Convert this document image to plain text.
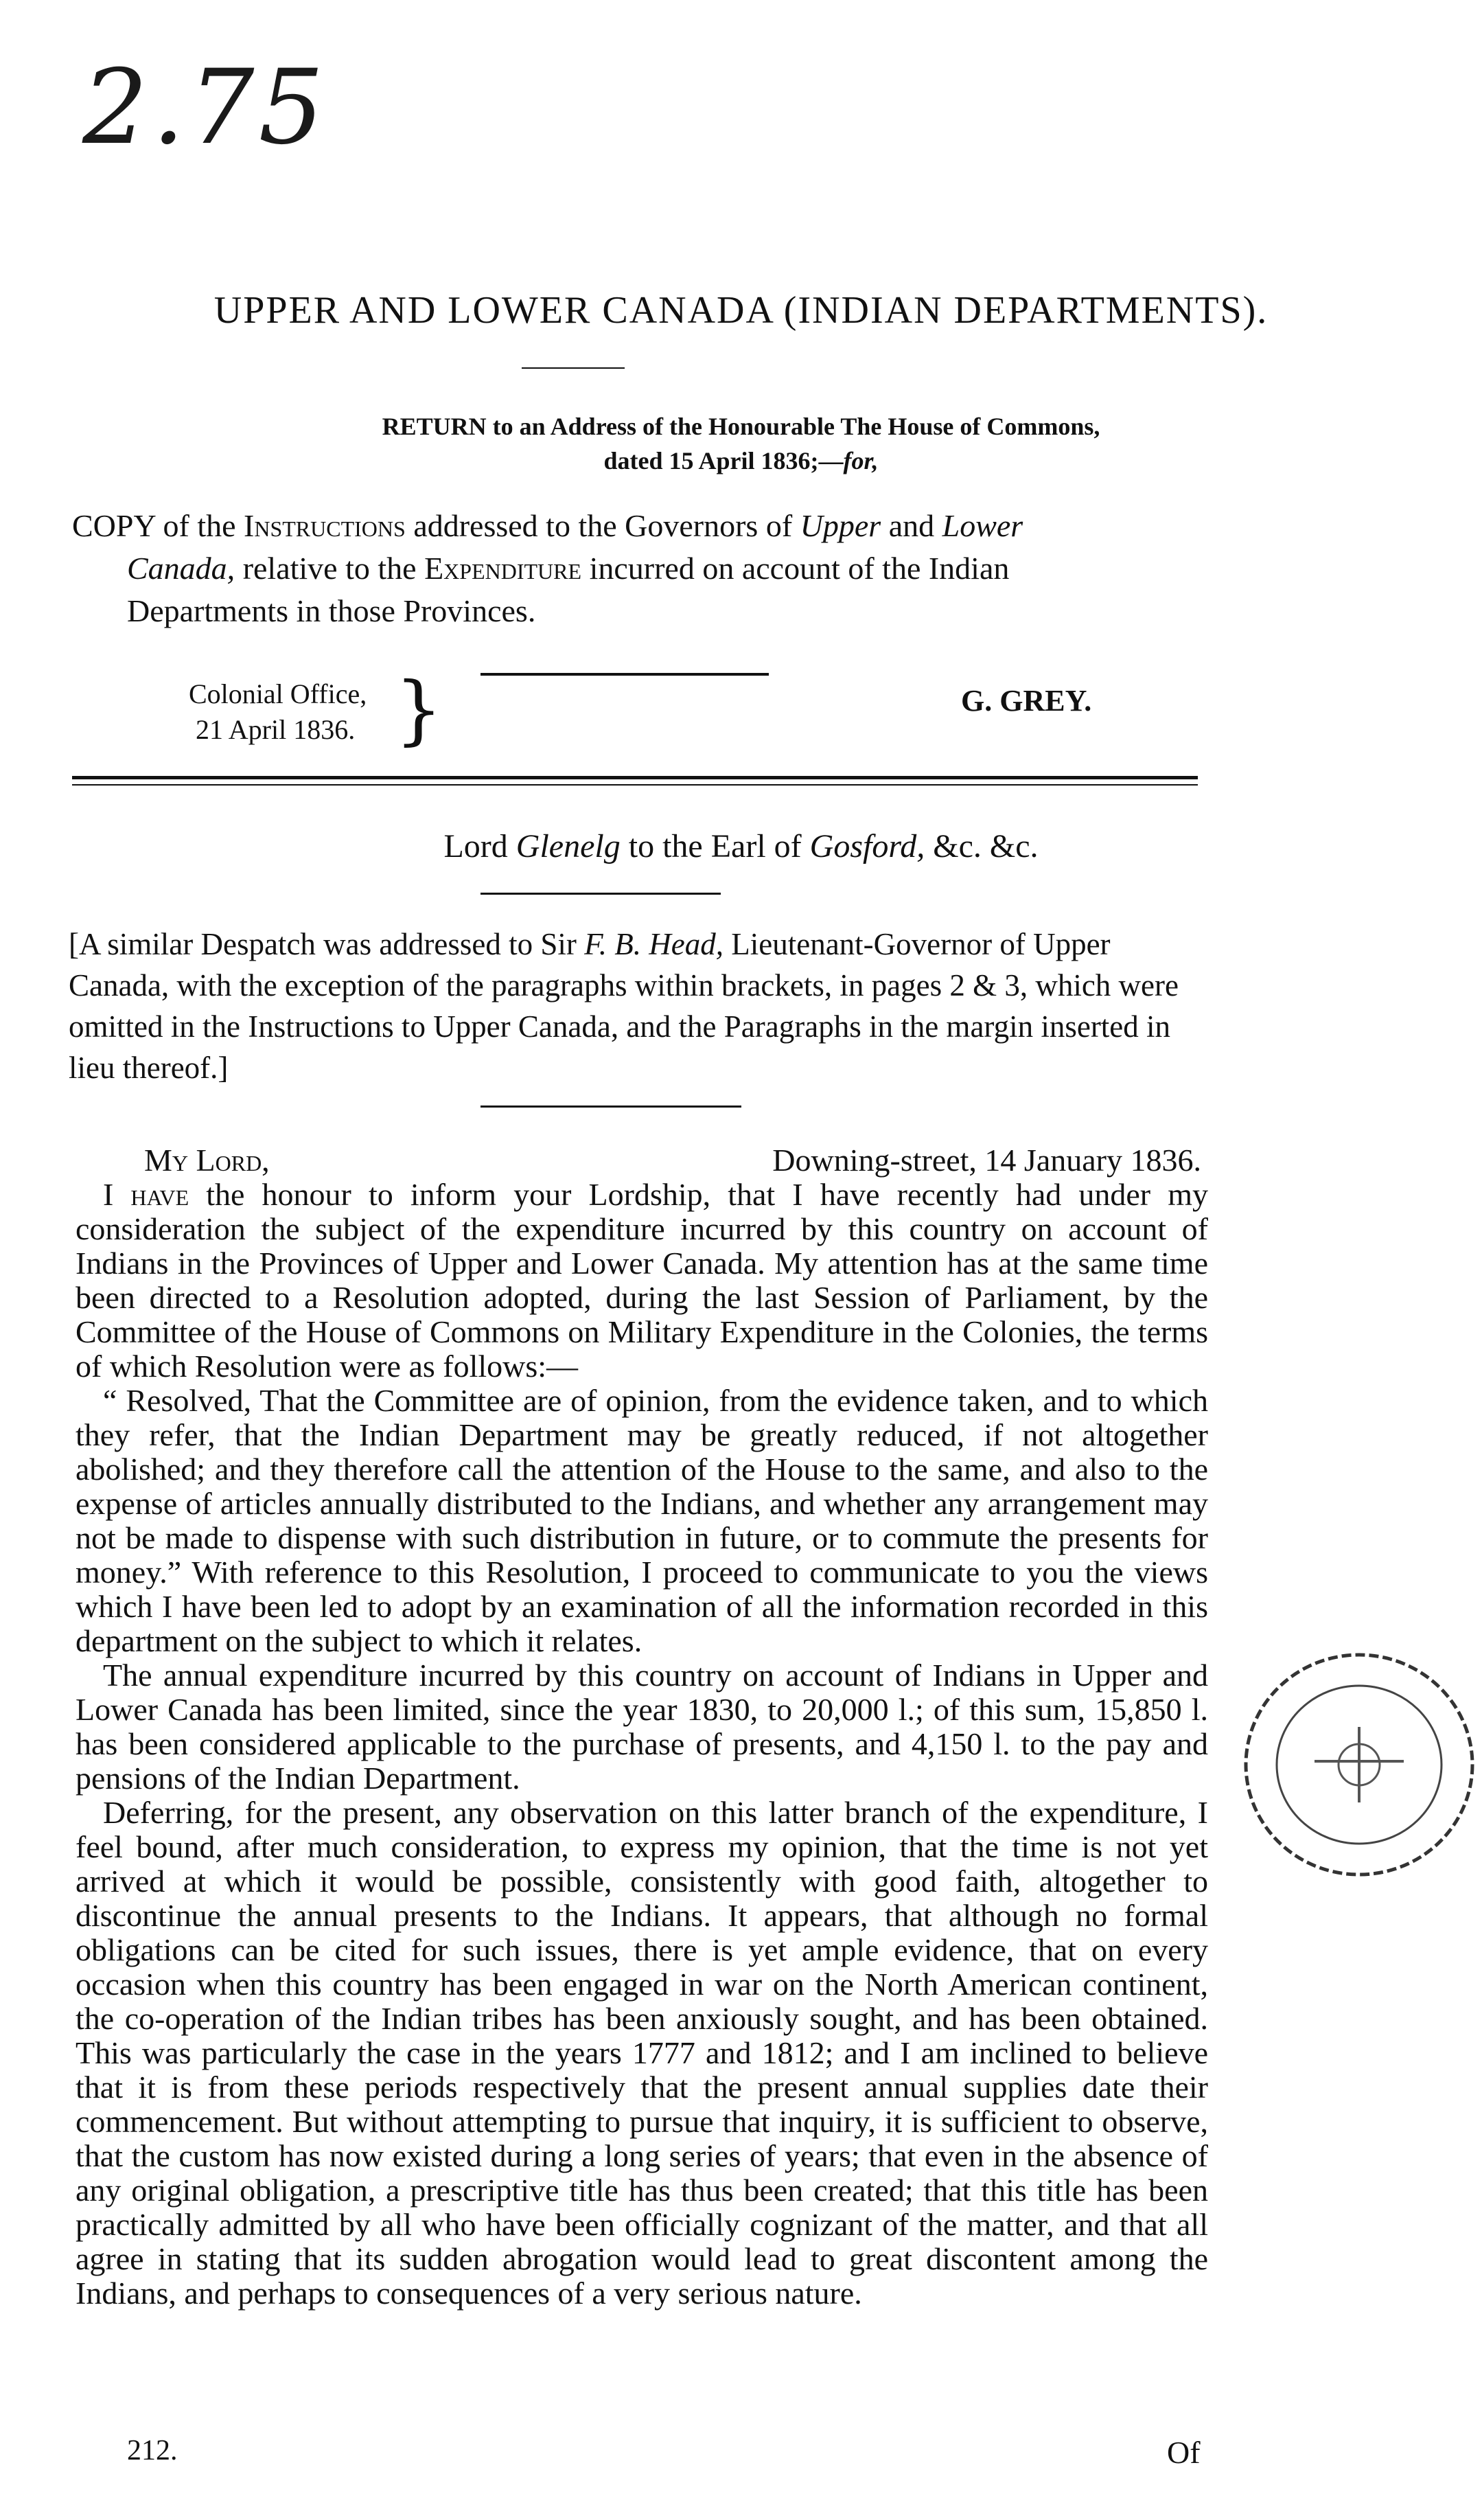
2.75
UPPER AND LOWER CANADA (INDIAN DEPARTMENTS).
RETURN to an Address of the Honourable The House of Commons,
dated 15 April 1836;—for,
COPY of the Instructions addressed to the Governors of Upper and Lower
Canada, relative to the Expenditure incurred on account of the Indian
Departments in those Provinces.
Colonial Office,
21 April 1836. }	G. GREY.
Lord Glenelg to the Earl of Gosford, &c. &c.
[A similar Despatch was addressed to Sir F. B. Head, Lieutenant-Governor of Upper Canada, with the exception of the paragraphs within brackets, in pages 2 & 3, which were omitted in the Instructions to Upper Canada, and the Paragraphs in the margin inserted in lieu thereof.]
My Lord,	Downing-street, 14 January 1836.

I have the honour to inform your Lordship, that I have recently had under my consideration the subject of the expenditure incurred by this country on account of Indians in the Provinces of Upper and Lower Canada. My attention has at the same time been directed to a Resolution adopted, during the last Session of Parliament, by the Committee of the House of Commons on Military Expenditure in the Colonies, the terms of which Resolution were as follows:—

“ Resolved, That the Committee are of opinion, from the evidence taken, and to which they refer, that the Indian Department may be greatly reduced, if not altogether abolished; and they therefore call the attention of the House to the same, and also to the expense of articles annually distributed to the Indians, and whether any arrangement may not be made to dispense with such distribution in future, or to commute the presents for money.” With reference to this Resolution, I proceed to communicate to you the views which I have been led to adopt by an examination of all the information recorded in this department on the subject to which it relates.

The annual expenditure incurred by this country on account of Indians in Upper and Lower Canada has been limited, since the year 1830, to 20,000 l.; of this sum, 15,850 l. has been considered applicable to the purchase of presents, and 4,150 l. to the pay and pensions of the Indian Department.

Deferring, for the present, any observation on this latter branch of the expenditure, I feel bound, after much consideration, to express my opinion, that the time is not yet arrived at which it would be possible, consistently with good faith, altogether to discontinue the annual presents to the Indians. It appears, that although no formal obligations can be cited for such issues, there is yet ample evidence, that on every occasion when this country has been engaged in war on the North American continent, the co-operation of the Indian tribes has been anxiously sought, and has been obtained. This was particularly the case in the years 1777 and 1812; and I am inclined to believe that it is from these periods respectively that the present annual supplies date their commencement. But without attempting to pursue that inquiry, it is sufficient to observe, that the custom has now existed during a long series of years; that even in the absence of any original obligation, a prescriptive title has thus been created; that this title has been practically admitted by all who have been officially cognizant of the matter, and that all agree in stating that its sudden abrogation would lead to great discontent among the Indians, and perhaps to consequences of a very serious nature.

212.	Of
